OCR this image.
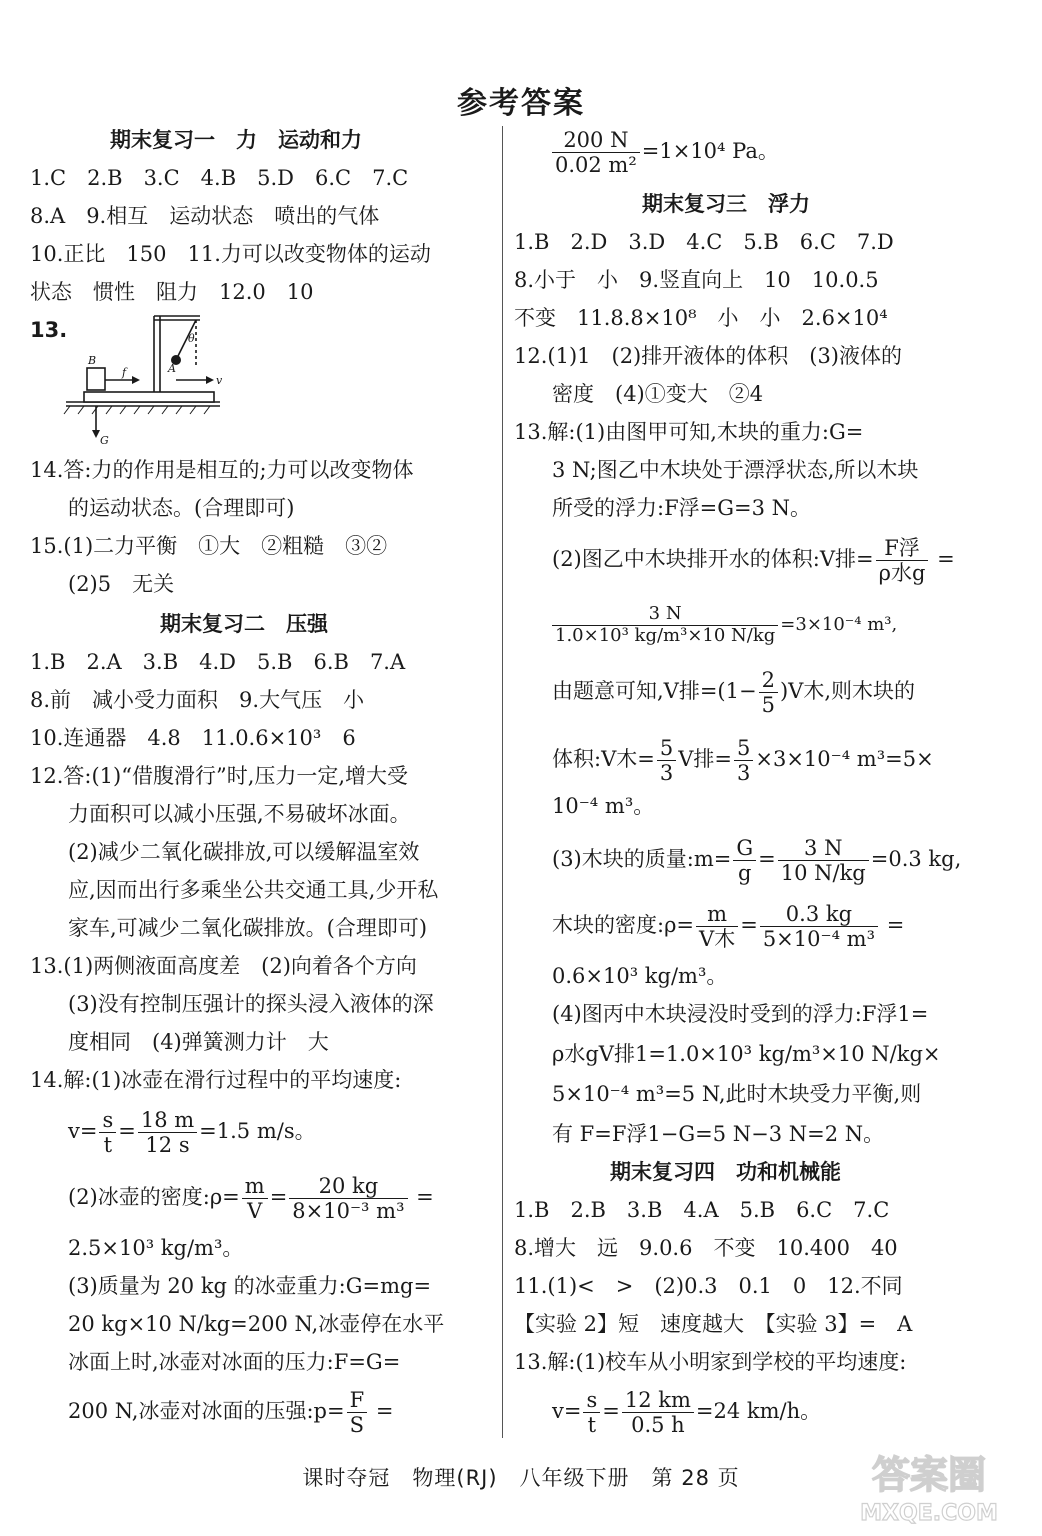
参考答案
期末复习一　力　运动和力
1.C　2.B　3.C　4.B　5.D　6.C　7.C
8.A　9.相互　运动状态　喷出的气体
10.正比　150　11.力可以改变物体的运动
状态　惯性　阻力　12.0　10
13.
B
f	A
v
θ
G
14.答:力的作用是相互的;力可以改变物体
的运动状态。(合理即可)
15.(1)二力平衡　①大　②粗糙　③②
(2)5　无关
期末复习二　压强
1.B　2.A　3.B　4.D　5.B　6.B　7.A
8.前　减小受力面积　9.大气压　小
10.连通器　4.8　11.0.6×10³　6
12.答:(1)“借腹滑行”时,压力一定,增大受
力面积可以减小压强,不易破坏冰面。
(2)减少二氧化碳排放,可以缓解温室效
应,因而出行多乘坐公共交通工具,少开私
家车,可减少二氧化碳排放。(合理即可)
13.(1)两侧液面高度差　(2)向着各个方向
(3)没有控制压强计的探头浸入液体的深
度相同　(4)弹簧测力计　大
14.解:(1)冰壶在滑行过程中的平均速度:
$v= \frac{s}{t} = \frac{18 m}{12 s} =1.5$ m/s。
(2)冰壶的密度:ρ= $\frac{m}{V} = \frac{20 kg}{\text{8×10⁻³ m³}}$ =
2.5×10³ kg/m³。
(3)质量为 20 kg 的冰壶重力:G=mg=
20 kg×10 N/kg=200 N,冰壶停在水平
冰面上时,冰壶对冰面的压力:F=G=
200 N,冰壶对冰面的压强:p= $\frac{F}{S}$ =
$\frac{200 N}{\text{0.02 m²}} =1\times 10^4$ Pa。
期末复习三　浮力
1.B　2.D　3.D　4.C　5.B　6.C　7.D
8.小于　小　9.竖直向上　10　10.0.5
不变　11.8.8×10⁸　小　小　2.6×10⁴
12.(1)1　(2)排开液体的体积　(3)液体的
密度　(4)①变大　②4
13.解:(1)由图甲可知,木块的重力:G=
3 N;图乙中木块处于漂浮状态,所以木块
所受的浮力:F浮=G=3 N。
(2)图乙中木块排开水的体积:V排= $\frac{\text{F浮}}{\text{ρ水g}}$ =
$\frac{3 N}{\text{1.0×10³ kg/m³×10 N/kg}} =3\times 10^{-4}$ m³,
由题意可知,V排$=(1- \frac{2}{5} )V$木,则木块的
体积:V木= $\frac{5}{3}$ V排= $\frac{5}{3} \times 3\times 10^{-4}$ m³=5×
10⁻⁴ m³。
(3)木块的质量:m= $\frac{G}{g} = \frac{3 N}{10 N/kg} =0.3$ kg,
木块的密度:ρ= $\frac{m}{\text{V木}} = \frac{0.3 kg}{\text{5×10⁻⁴ m³}}$ =
0.6×10³ kg/m³。
(4)图丙中木块浸没时受到的浮力:F浮1=
ρ水gV排1=1.0×10³ kg/m³×10 N/kg×
5×10⁻⁴ m³=5 N,此时木块受力平衡,则
有 F=F浮1−G=5 N−3 N=2 N。
期末复习四　功和机械能
1.B　2.B　3.B　4.A　5.B　6.C　7.C
8.增大　远　9.0.6　不变　10.400　40
11.(1)<　>　(2)0.3　0.1　0　12.不同
【实验 2】短　速度越大　【实验 3】=　A
13.解:(1)校车从小明家到学校的平均速度:
$v= \frac{s}{t} = \frac{12 km}{0.5 h} =24$ km/h。
课时夺冠　物理(RJ)　八年级下册　第 28 页	答案圈
MXQE.COM
